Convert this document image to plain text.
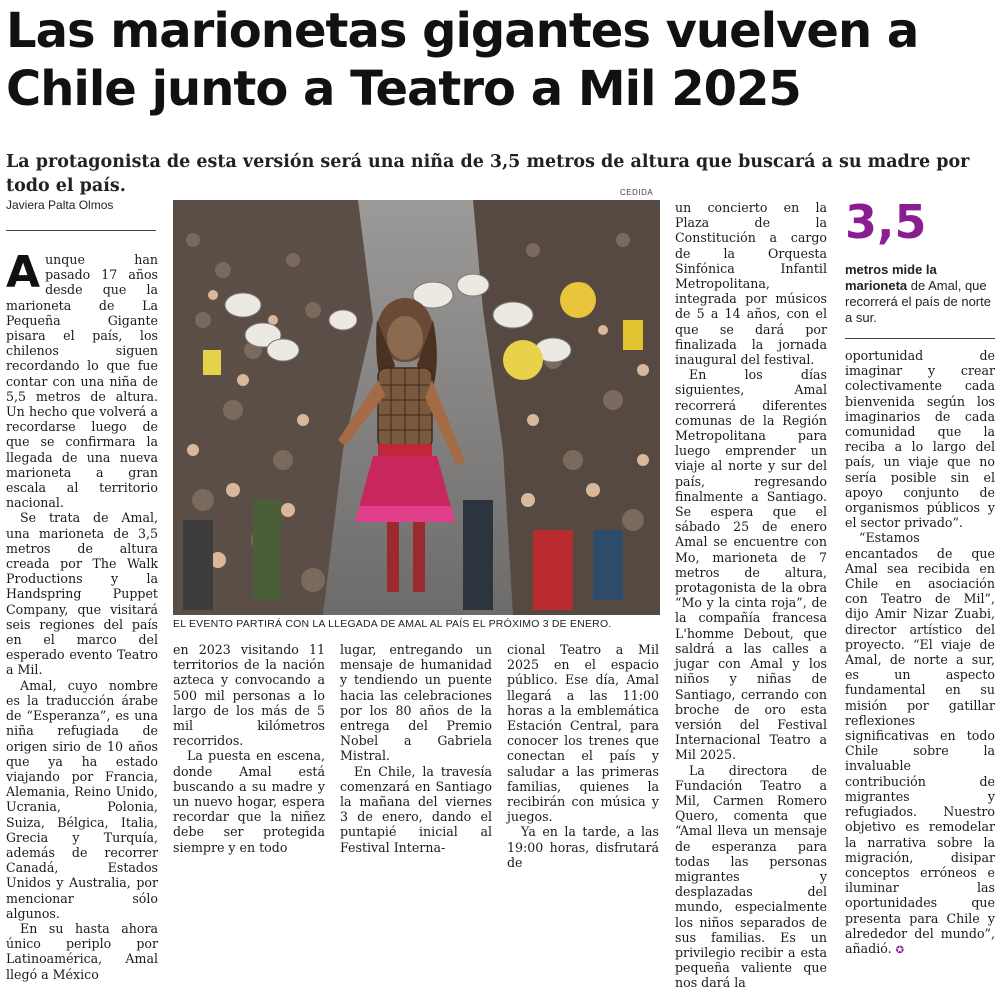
Las marionetas gigantes vuelven a Chile junto a Teatro a Mil 2025

La protagonista de esta versión será una niña de 3,5 metros de altura que buscará a su madre por todo el país.

Javiera Palta Olmos
CEDIDA

Aunque han pasado 17 años desde que la marioneta de La Pequeña Gigante pisara el país, los chilenos siguen recordando lo que fue contar con una niña de 5,5 metros de altura. Un hecho que volverá a recordarse luego de que se confirmara la llegada de una nueva marioneta a gran escala al territorio nacional.

Se trata de Amal, una marioneta de 3,5 metros de altura creada por The Walk Productions y la Handspring Puppet Company, que visitará seis regiones del país en el marco del esperado evento Teatro a Mil.

Amal, cuyo nombre es la traducción árabe de “Esperanza”, es una niña refugiada de origen sirio de 10 años que ya ha estado viajando por Francia, Alemania, Reino Unido, Ucrania, Polonia, Suiza, Bélgica, Italia, Grecia y Turquía, además de recorrer Canadá, Estados Unidos y Australia, por mencionar sólo algunos.

En su hasta ahora único periplo por Latinoamérica, Amal llegó a México

EL EVENTO PARTIRÁ CON LA LLEGADA DE AMAL AL PAÍS EL PRÓXIMO 3 DE ENERO.

en 2023 visitando 11 territorios de la nación azteca y convocando a 500 mil personas a lo largo de los más de 5 mil kilómetros recorridos.

La puesta en escena, donde Amal está buscando a su madre y un nuevo hogar, espera recordar que la niñez debe ser protegida siempre y en todo

lugar, entregando un mensaje de humanidad y tendiendo un puente hacia las celebraciones por los 80 años de la entrega del Premio Nobel a Gabriela Mistral.

En Chile, la travesía comenzará en Santiago la mañana del viernes 3 de enero, dando el puntapié inicial al Festival Interna-

cional Teatro a Mil 2025 en el espacio público. Ese día, Amal llegará a las 11:00 horas a la emblemática Estación Central, para conocer los trenes que conectan el país y saludar a las primeras familias, quienes la recibirán con música y juegos.

Ya en la tarde, a las 19:00 horas, disfrutará de

un concierto en la Plaza de la Constitución a cargo de la Orquesta Sinfónica Infantil Metropolitana, integrada por músicos de 5 a 14 años, con el que se dará por finalizada la jornada inaugural del festival.

En los días siguientes, Amal recorrerá diferentes comunas de la Región Metropolitana para luego emprender un viaje al norte y sur del país, regresando finalmente a Santiago. Se espera que el sábado 25 de enero Amal se encuentre con Mo, marioneta de 7 metros de altura, protagonista de la obra “Mo y la cinta roja”, de la compañía francesa L'homme Debout, que saldrá a las calles a jugar con Amal y los niños y niñas de Santiago, cerrando con broche de oro esta versión del Festival Internacional Teatro a Mil 2025.

La directora de Fundación Teatro a Mil, Carmen Romero Quero, comenta que “Amal lleva un mensaje de esperanza para todas las personas migrantes y desplazadas del mundo, especialmente los niños separados de sus familias. Es un privilegio recibir a esta pequeña valiente que nos dará la

3,5
metros mide la marioneta de Amal, que recorrerá el país de norte a sur.

oportunidad de imaginar y crear colectivamente cada bienvenida según los imaginarios de cada comunidad que la reciba a lo largo del país, un viaje que no sería posible sin el apoyo conjunto de organismos públicos y el sector privado”.

“Estamos encantados de que Amal sea recibida en Chile en asociación con Teatro de Mil”, dijo Amir Nizar Zuabi, director artístico del proyecto. “El viaje de Amal, de norte a sur, es un aspecto fundamental en su misión por gatillar reflexiones significativas en todo Chile sobre la invaluable contribución de migrantes y refugiados. Nuestro objetivo es remodelar la narrativa sobre la migración, disipar conceptos erróneos e iluminar las oportunidades que presenta para Chile y alrededor del mundo”, añadió. ✪
